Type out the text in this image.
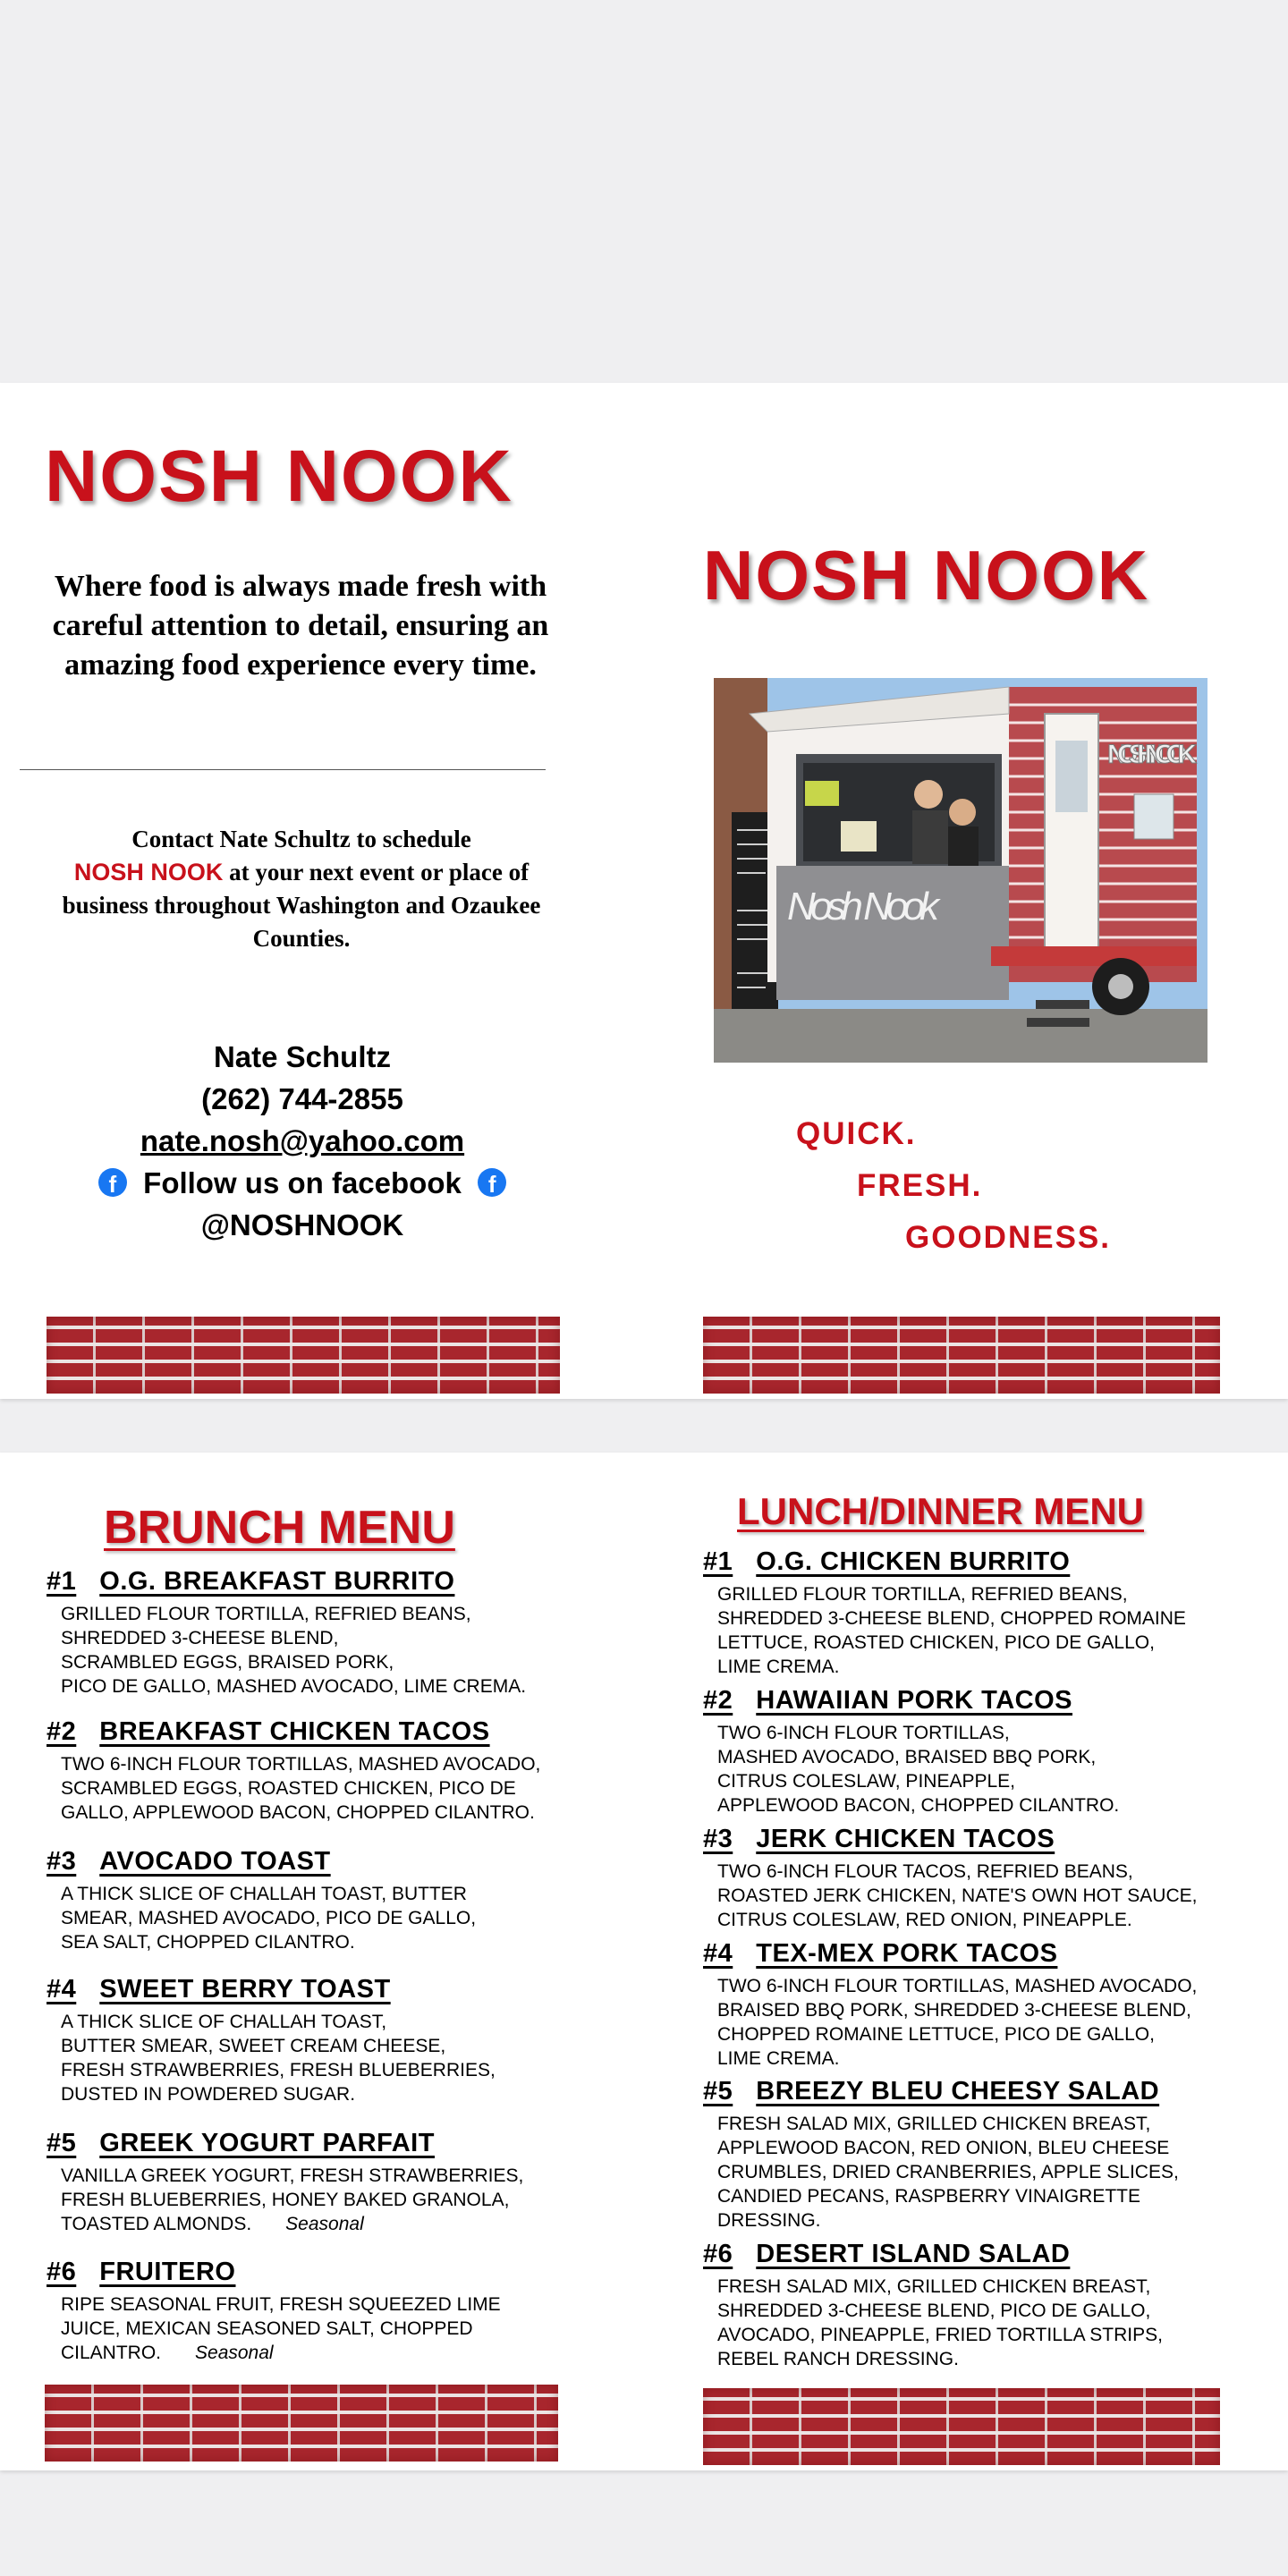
NOSH NOOK

Where food is always made fresh with careful attention to detail, ensuring an amazing food experience every time.

Contact Nate Schultz to schedule
NOSH NOOK at your next event or place of business throughout Washington and Ozaukee Counties.

Nate Schultz
(262) 744-2855
nate.nosh@yahoo.com
f Follow us on facebook f
@NOSHNOOK
NOSH NOOK
NOSH NOOK
Nosh Nook
QUICK.
FRESH.
GOODNESS.
BRUNCH MENU	LUNCH/DINNER MENU

#1 O.G. BREAKFAST BURRITO

GRILLED FLOUR TORTILLA, REFRIED BEANS,
SHREDDED 3-CHEESE BLEND,
SCRAMBLED EGGS, BRAISED PORK,
PICO DE GALLO, MASHED AVOCADO, LIME CREMA.

#2 BREAKFAST CHICKEN TACOS

TWO 6-INCH FLOUR TORTILLAS, MASHED AVOCADO,
SCRAMBLED EGGS, ROASTED CHICKEN, PICO DE
GALLO, APPLEWOOD BACON, CHOPPED CILANTRO.

#3 AVOCADO TOAST

A THICK SLICE OF CHALLAH TOAST, BUTTER
SMEAR, MASHED AVOCADO, PICO DE GALLO,
SEA SALT, CHOPPED CILANTRO.

#4 SWEET BERRY TOAST

A THICK SLICE OF CHALLAH TOAST,
BUTTER SMEAR, SWEET CREAM CHEESE,
FRESH STRAWBERRIES, FRESH BLUEBERRIES,
DUSTED IN POWDERED SUGAR.

#5 GREEK YOGURT PARFAIT

VANILLA GREEK YOGURT, FRESH STRAWBERRIES,
FRESH BLUEBERRIES, HONEY BAKED GRANOLA,
TOASTED ALMONDS. Seasonal

#6 FRUITERO

RIPE SEASONAL FRUIT, FRESH SQUEEZED LIME
JUICE, MEXICAN SEASONED SALT, CHOPPED
CILANTRO. Seasonal

#1 O.G. CHICKEN BURRITO

GRILLED FLOUR TORTILLA, REFRIED BEANS,
SHREDDED 3-CHEESE BLEND, CHOPPED ROMAINE
LETTUCE, ROASTED CHICKEN, PICO DE GALLO,
LIME CREMA.

#2 HAWAIIAN PORK TACOS

TWO 6-INCH FLOUR TORTILLAS,
MASHED AVOCADO, BRAISED BBQ PORK,
CITRUS COLESLAW, PINEAPPLE,
APPLEWOOD BACON, CHOPPED CILANTRO.

#3 JERK CHICKEN TACOS

TWO 6-INCH FLOUR TACOS, REFRIED BEANS,
ROASTED JERK CHICKEN, NATE'S OWN HOT SAUCE,
CITRUS COLESLAW, RED ONION, PINEAPPLE.

#4 TEX-MEX PORK TACOS

TWO 6-INCH FLOUR TORTILLAS, MASHED AVOCADO,
BRAISED BBQ PORK, SHREDDED 3-CHEESE BLEND,
CHOPPED ROMAINE LETTUCE, PICO DE GALLO,
LIME CREMA.

#5 BREEZY BLEU CHEESY SALAD

FRESH SALAD MIX, GRILLED CHICKEN BREAST,
APPLEWOOD BACON, RED ONION, BLEU CHEESE
CRUMBLES, DRIED CRANBERRIES, APPLE SLICES,
CANDIED PECANS, RASPBERRY VINAIGRETTE
DRESSING.

#6 DESERT ISLAND SALAD

FRESH SALAD MIX, GRILLED CHICKEN BREAST,
SHREDDED 3-CHEESE BLEND, PICO DE GALLO,
AVOCADO, PINEAPPLE, FRIED TORTILLA STRIPS,
REBEL RANCH DRESSING.
